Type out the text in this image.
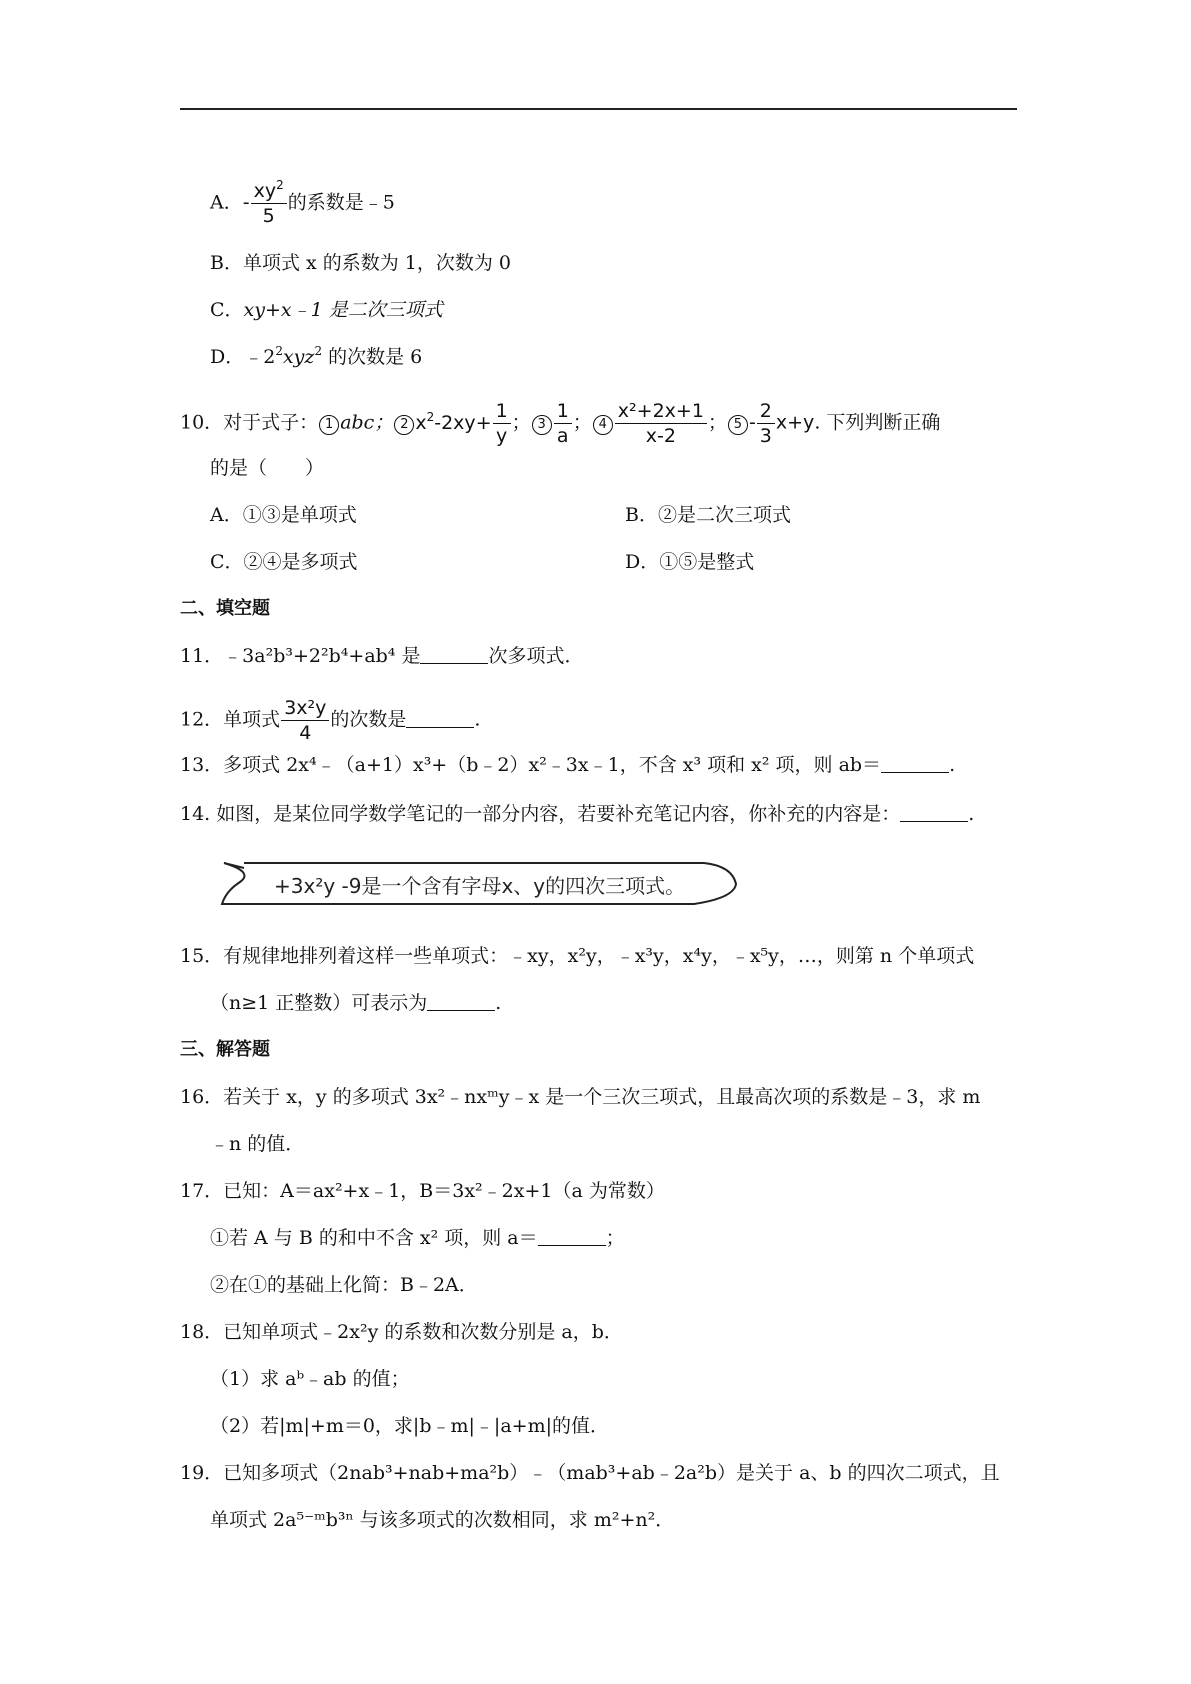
A．- $\frac{xy^2}{5}$ 的系数是﹣5
B．单项式 x 的系数为 1，次数为 0
C．xy+x﹣1 是二次三项式
D．$﹣2^2xyz^2$ 的次数是 6
10．对于式子： 1 abc； 2 $x^2-2xy+ \frac{1}{y}$ ； $3 \frac{1}{a}$ ； $4 \frac{\text{x²+2x+1}}{x-2}$ ； $5 - \frac{2}{3} x+y$. 下列判断正确
的是（　　）
A．①③是单项式	B．②是二次三项式
C．②④是多项式	D．①⑤是整式
二、填空题
11．﹣3a²b³+2²b⁴+ab⁴ 是	次多项式．
12．单项式 $\frac{\text{3x²y}}{4}$ 的次数是	.
13．多项式 2x⁴﹣（a+1）x³+（b﹣2）x²﹣3x﹣1，不含 x³ 项和 x² 项，则 ab＝	.
14. 如图，是某位同学数学笔记的一部分内容，若要补充笔记内容，你补充的内容是：	.
+3x²y -9是一个含有字母x、y的四次三项式。
15．有规律地排列着这样一些单项式：﹣xy，x²y，﹣x³y，x⁴y，﹣x⁵y，…，则第 n 个单项式
（n≥1 正整数）可表示为	.
三、解答题
16．若关于 x，y 的多项式 3x²﹣nxᵐy﹣x 是一个三次三项式，且最高次项的系数是﹣3，求 m
﹣n 的值．
17．已知：A＝ax²+x﹣1，B＝3x²﹣2x+1（a 为常数）
①若 A 与 B 的和中不含 x² 项，则 a＝	；
②在①的基础上化简：B﹣2A．
18．已知单项式﹣2x²y 的系数和次数分别是 a，b．
（1）求 aᵇ﹣ab 的值；
（2）若|m|+m＝0，求|b﹣m|﹣|a+m|的值．
19．已知多项式（2nab³+nab+ma²b）﹣（mab³+ab﹣2a²b）是关于 a、b 的四次二项式，且
单项式 2a⁵⁻ᵐb³ⁿ 与该多项式的次数相同，求 m²+n²．
